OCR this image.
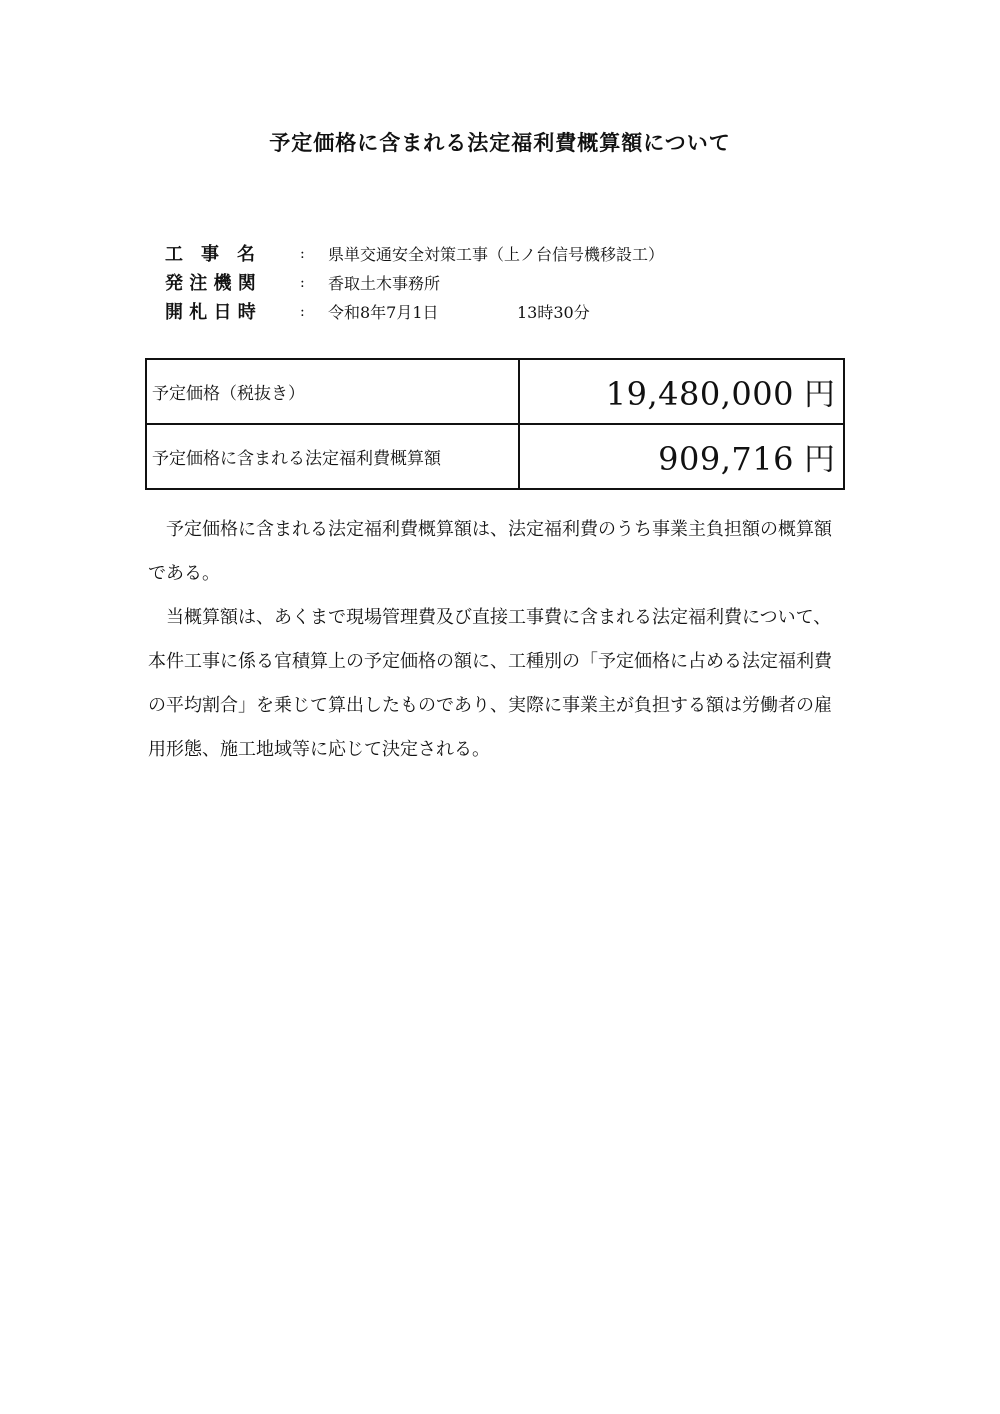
予定価格に含まれる法定福利費概算額について
工　事　名	: 県単交通安全対策工事（上ノ台信号機移設工）
発 注 機 関	: 香取土木事務所
開 札 日 時	: 令和8年7月1日	13時30分
予定価格（税抜き）	19,480,000 円
予定価格に含まれる法定福利費概算額	909,716 円

　予定価格に含まれる法定福利費概算額は、法定福利費のうち事業主負担額の概算額である。

　当概算額は、あくまで現場管理費及び直接工事費に含まれる法定福利費について、本件工事に係る官積算上の予定価格の額に、工種別の「予定価格に占める法定福利費の平均割合」を乗じて算出したものであり、実際に事業主が負担する額は労働者の雇用形態、施工地域等に応じて決定される。
